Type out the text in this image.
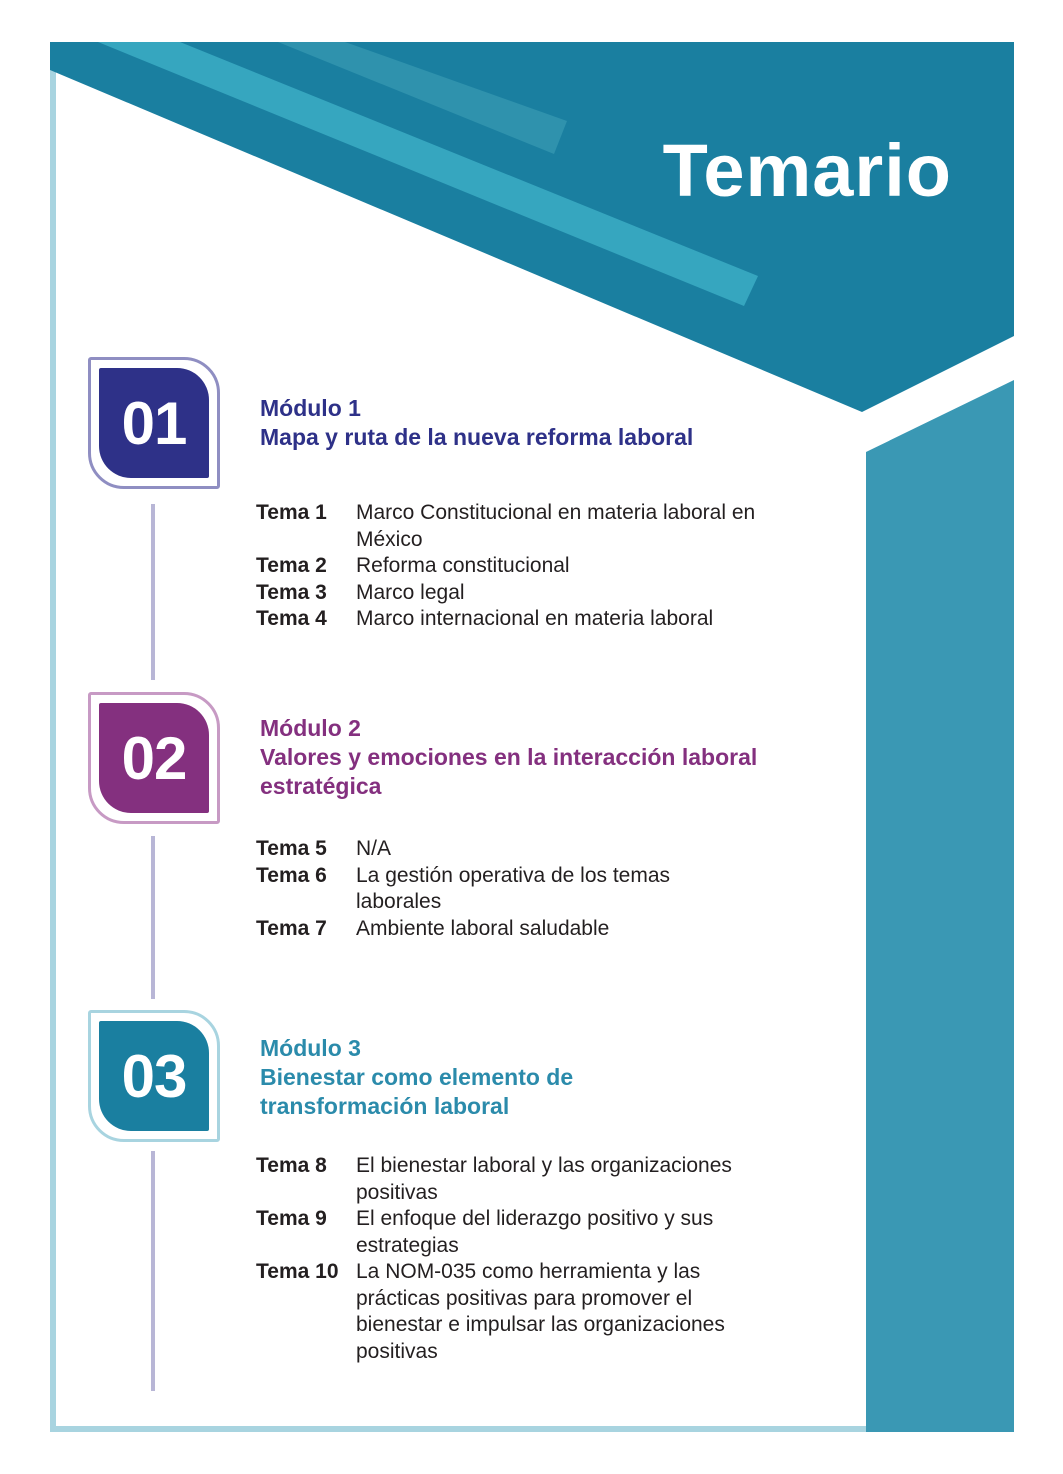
Temario
01	Módulo 1
Mapa y ruta de la nueva reforma laboral
Tema 1	Marco Constitucional en materia laboral en México
Tema 2	Reforma constitucional
Tema 3	Marco legal
Tema 4	Marco internacional en materia laboral
02	Módulo 2
Valores y emociones en la interacción laboral estratégica
Tema 5	N/A
Tema 6	La gestión operativa de los temas laborales
Tema 7	Ambiente laboral saludable
03	Módulo 3
Bienestar como elemento de transformación laboral
Tema 8	El bienestar laboral y las organizaciones positivas
Tema 9	El enfoque del liderazgo positivo y sus estrategias
Tema 10 La NOM-035 como herramienta y las prácticas positivas para promover el bienestar e impulsar las organizaciones positivas
